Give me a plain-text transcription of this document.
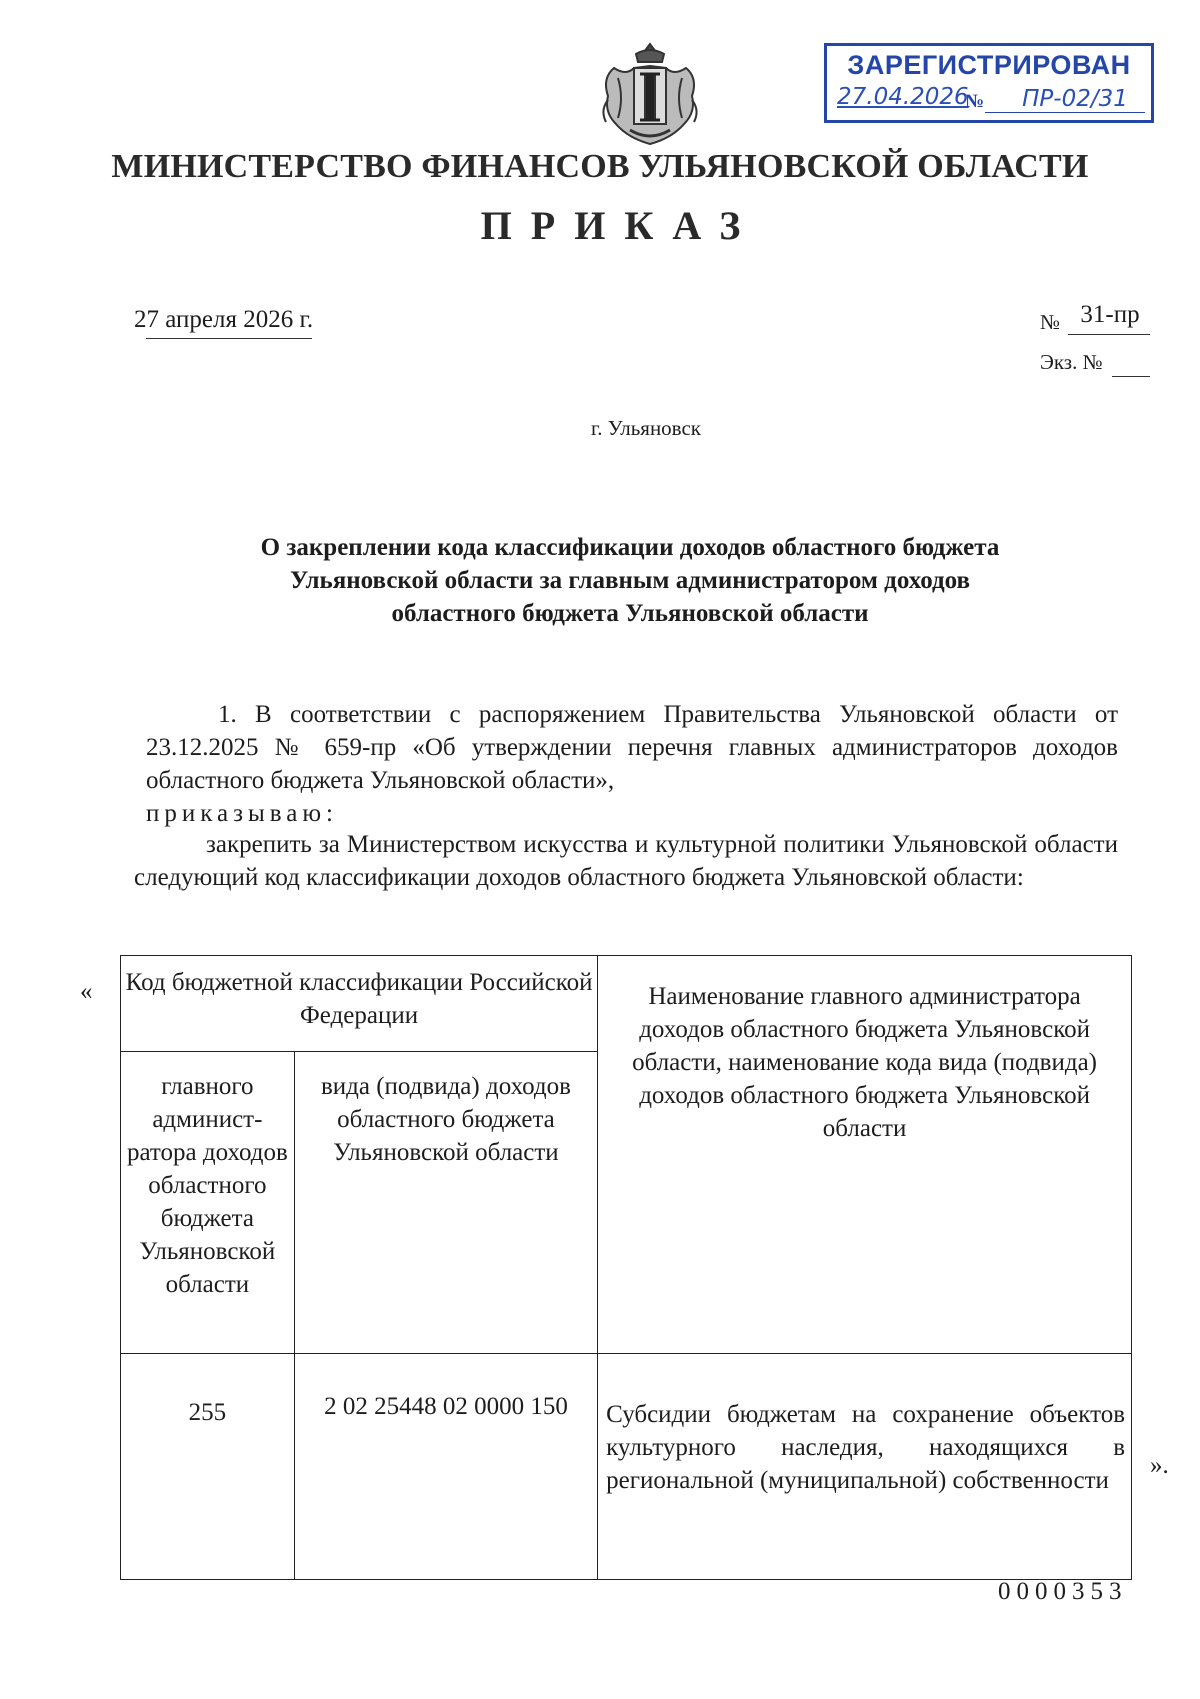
ЗАРЕГИСТРИРОВАН
27.04.2026	ПР-02/31
№
МИНИСТЕРСТВО ФИНАНСОВ УЛЬЯНОВСКОЙ ОБЛАСТИ
ПРИКАЗ
27 апреля 2026 г.	№ 31-пр
Экз. №
г. Ульяновск
О закреплении кода классификации доходов областного бюджета
Ульяновской области за главным администратором доходов
областного бюджета Ульяновской области
1. В соответствии с распоряжением Правительства Ульяновской области от 23.12.2025 № 659-пр «Об утверждении перечня главных администраторов доходов областного бюджета Ульяновской области»,
приказываю:
закрепить за Министерством искусства и культурной политики Ульяновской области следующий код классификации доходов областного бюджета Ульяновской области:
« Код бюджетной классификации Российской Федерации		Наименование главного администратора доходов областного бюджета Ульяновской области, наименование кода вида (подвида) доходов областного бюджета Ульяновской области
главного админист-ратора доходов областного бюджета Ульяновской области	вида (подвида) доходов областного бюджета Ульяновской области	
255	2 02 25448 02 0000 150	Субсидии бюджетам на сохранение объектов культурного наследия, находящихся в региональной (муниципальной) собственности
».
0000353
